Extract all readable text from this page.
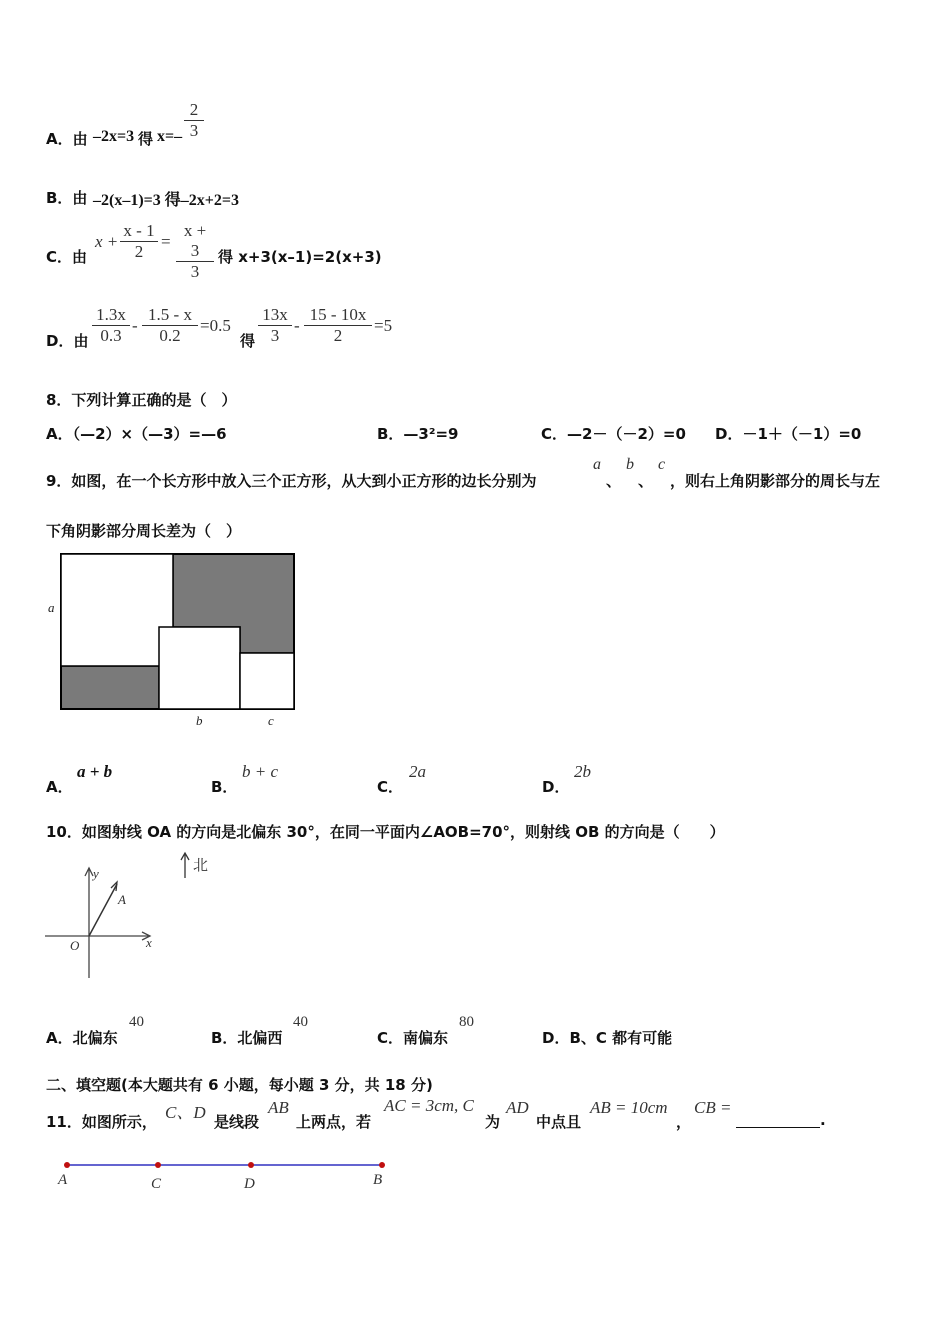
A．由 –2x=3 得 x=–
2
3
B．由 –2(x–1)=3 得–2x+2=3
C．由
x +
x - 1
2
=
x + 3
3
得 x+3(x–1)=2(x+3)
D．由
1.3x
0.3
-
1.5 - x
0.2
=0.5
得
13x
3
-
15 - 10x
2
=5
8．下列计算正确的是（　）
A．（—2）×（—3）=—6	B．—3²=9	C．—2－（－2）=0 D．－1＋（－1）=0
9．如图，在一个长方形中放入三个正方形，从大到小正方形的边长分别为
a
、
b
、
c
，则右上角阴影部分的周长与左
下角阴影部分周长差为（　）
a
b	c
A．
a + b
B．
b + c
C．
2a
D．
2b
10．如图射线 OA 的方向是北偏东 30°，在同一平面内∠AOB=70°，则射线 OB 的方向是（　　）
北
y
x
O
A
A．北偏东
40
B．北偏西
40
C．南偏东
80
D．B、C 都有可能
二、填空题(本大题共有 6 小题，每小题 3 分，共 18 分)
11．如图所示， C、D 是线段
AB
上两点，若
AC = 3cm, C
为
AD
中点且
AB = 10cm
，
CB =
.
A	C	D	B
